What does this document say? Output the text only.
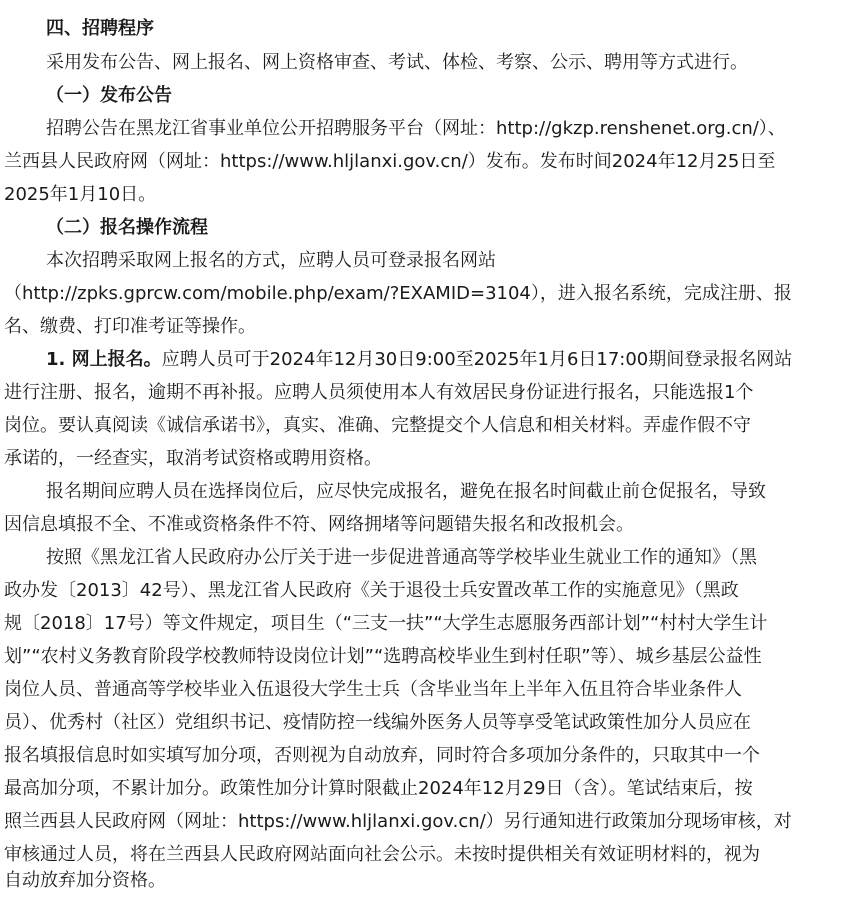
四、招聘程序
采用发布公告、网上报名、网上资格审查、考试、体检、考察、公示、聘用等方式进行。
（一）发布公告
招聘公告在黑龙江省事业单位公开招聘服务平台（网址：http://gkzp.renshenet.org.cn/）、
兰西县人民政府网（网址：https://www.hljlanxi.gov.cn/）发布。发布时间2024年12月25日至
2025年1月10日。
（二）报名操作流程
本次招聘采取网上报名的方式，应聘人员可登录报名网站
（http://zpks.gprcw.com/mobile.php/exam/?EXAMID=3104），进入报名系统，完成注册、报
名、缴费、打印准考证等操作。
1. 网上报名。应聘人员可于2024年12月30日9:00至2025年1月6日17:00期间登录报名网站
进行注册、报名，逾期不再补报。应聘人员须使用本人有效居民身份证进行报名，只能选报1个
岗位。要认真阅读《诚信承诺书》，真实、准确、完整提交个人信息和相关材料。弄虚作假不守
承诺的，一经查实，取消考试资格或聘用资格。
报名期间应聘人员在选择岗位后，应尽快完成报名，避免在报名时间截止前仓促报名，导致
因信息填报不全、不准或资格条件不符、网络拥堵等问题错失报名和改报机会。
按照《黑龙江省人民政府办公厅关于进一步促进普通高等学校毕业生就业工作的通知》（黑
政办发〔2013〕42号）、黑龙江省人民政府《关于退役士兵安置改革工作的实施意见》（黑政
规〔2018〕17号）等文件规定，项目生（“三支一扶”“大学生志愿服务西部计划”“村村大学生计
划”“农村义务教育阶段学校教师特设岗位计划”“选聘高校毕业生到村任职”等）、城乡基层公益性
岗位人员、普通高等学校毕业入伍退役大学生士兵（含毕业当年上半年入伍且符合毕业条件人
员）、优秀村（社区）党组织书记、疫情防控一线编外医务人员等享受笔试政策性加分人员应在
报名填报信息时如实填写加分项，否则视为自动放弃，同时符合多项加分条件的，只取其中一个
最高加分项，不累计加分。政策性加分计算时限截止2024年12月29日（含）。笔试结束后，按
照兰西县人民政府网（网址：https://www.hljlanxi.gov.cn/）另行通知进行政策加分现场审核，对
审核通过人员，将在兰西县人民政府网站面向社会公示。未按时提供相关有效证明材料的，视为
自动放弃加分资格。
